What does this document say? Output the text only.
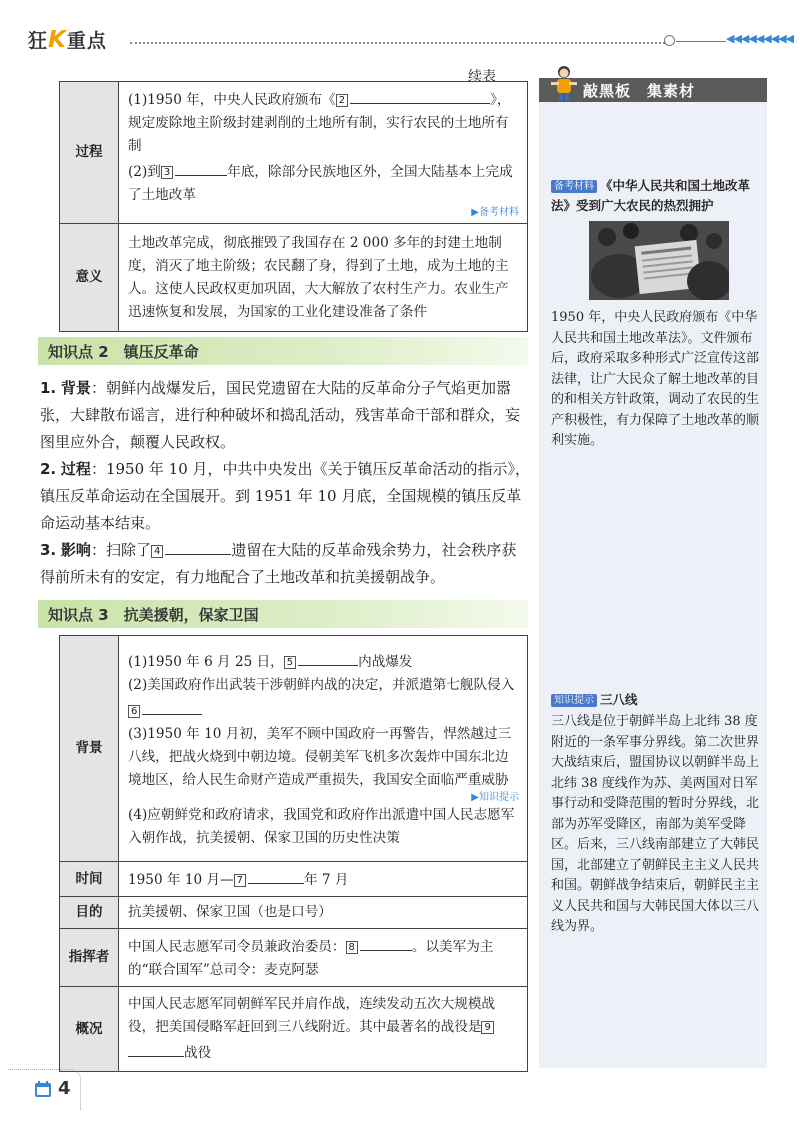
狂K重点	◀◀◀◀◀◀◀◀◀
续表
过程	(1)1950 年，中央人民政府颁布《 2 》，规定废除地主阶级封建剥削的土地所有制，实行农民的土地所有制
(2)到 3 年底，除部分民族地区外，全国大陆基本上完成了土地改革
▶备考材料

意义	土地改革完成，彻底摧毁了我国存在 2 000 多年的封建土地制度，消灭了地主阶级；农民翻了身，得到了土地，成为土地的主人。这使人民政权更加巩固，大大解放了农村生产力。农业生产迅速恢复和发展，为国家的工业化建设准备了条件
知识点 2　镇压反革命
1. 背景：朝鲜内战爆发后，国民党遗留在大陆的反革命分子气焰更加嚣张，大肆散布谣言，进行种种破坏和捣乱活动，残害革命干部和群众，妄图里应外合，颠覆人民政权。
2. 过程：1950 年 10 月，中共中央发出《关于镇压反革命活动的指示》，镇压反革命运动在全国展开。到 1951 年 10 月底，全国规模的镇压反革命运动基本结束。
3. 影响：扫除了 4	遗留在大陆的反革命残余势力，社会秩序获得前所未有的安定，有力地配合了土地改革和抗美援朝战争。
知识点 3　抗美援朝，保家卫国
背景	(1)1950 年 6 月 25 日， 5 内战爆发
(2)美国政府作出武装干涉朝鲜内战的决定，并派遣第七舰队侵入6
(3)1950 年 10 月初，美军不顾中国政府一再警告，悍然越过三八线，把战火烧到中朝边境。侵朝美军飞机多次轰炸中国东北边境地区，给人民生命财产造成严重损失，我国安全面临严重威胁
▶知识提示
(4)应朝鲜党和政府请求，我国党和政府作出派遣中国人民志愿军入朝作战，抗美援朝、保家卫国的历史性决策

时间	1950 年 10 月— 7 年 7 月
目的	抗美援朝、保家卫国（也是口号）
指挥者	中国人民志愿军司令员兼政治委员： 8 。以美军为主的“联合国军”总司令：麦克阿瑟
概况	中国人民志愿军同朝鲜军民并肩作战，连续发动五次大规模战役，把美国侵略军赶回到三八线附近。其中最著名的战役是 9战役
敲黑板　集素材
备考材料 《中华人民共和国土地改革法》受到广大农民的热烈拥护
1950 年，中央人民政府颁布《中华人民共和国土地改革法》。文件颁布后，政府采取多种形式广泛宣传这部法律，让广大民众了解土地改革的目的和相关方针政策，调动了农民的生产积极性，有力保障了土地改革的顺利实施。
知识提示 三八线
三八线是位于朝鲜半岛上北纬 38 度附近的一条军事分界线。第二次世界大战结束后，盟国协议以朝鲜半岛上北纬 38 度线作为苏、美两国对日军事行动和受降范围的暂时分界线，北部为苏军受降区，南部为美军受降区。后来，三八线南部建立了大韩民国，北部建立了朝鲜民主主义人民共和国。朝鲜战争结束后，朝鲜民主主义人民共和国与大韩民国大体以三八线为界。
4
